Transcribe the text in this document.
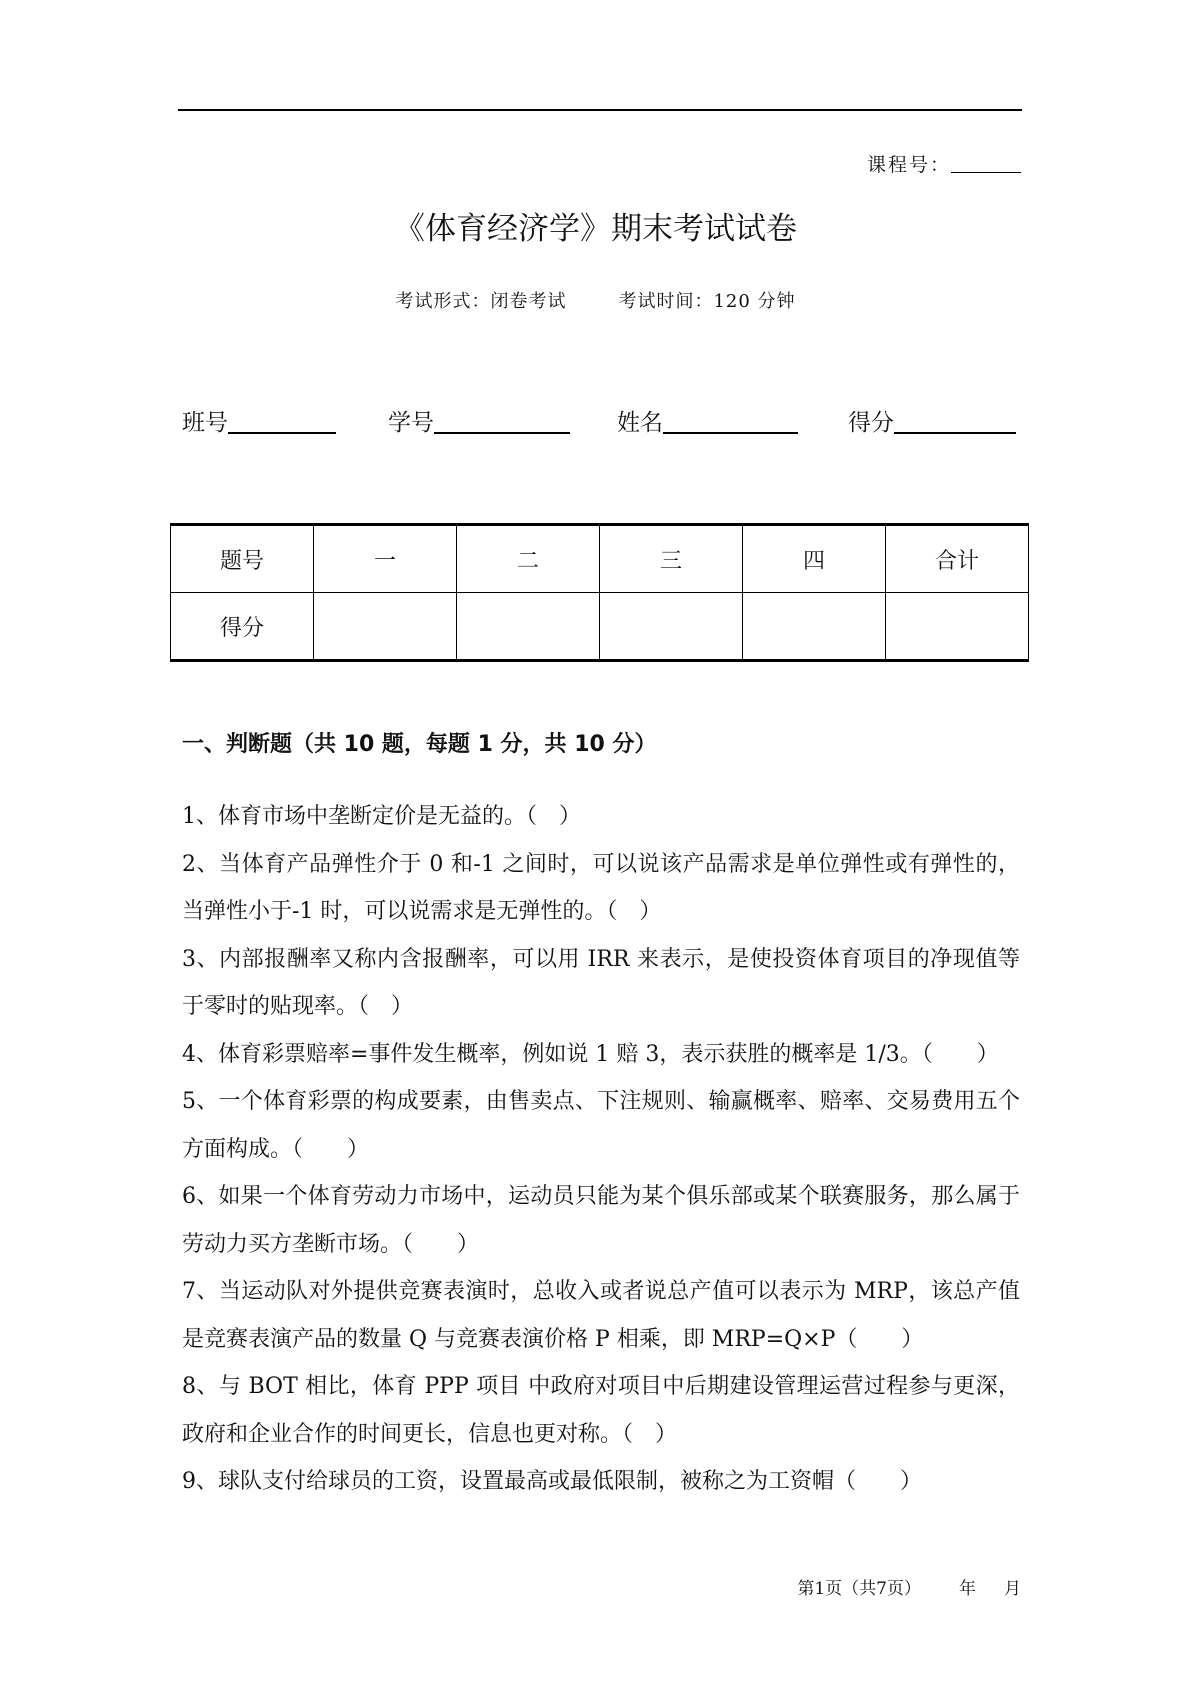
课程号：
《体育经济学》期末考试试卷
考试形式：闭卷考试	考试时间：120 分钟
班号	学号	姓名	得分
题号	一	二	三	四	合计
得分					
一、判断题（共 10 题，每题 1 分，共 10 分）
1、体育市场中垄断定价是无益的。（　）
2、当体育产品弹性介于 0 和-1 之间时，可以说该产品需求是单位弹性或有弹性的，当弹性小于-1 时，可以说需求是无弹性的。（　）
3、内部报酬率又称内含报酬率，可以用 IRR 来表示，是使投资体育项目的净现值等于零时的贴现率。（　）
4、体育彩票赔率=事件发生概率，例如说 1 赔 3，表示获胜的概率是 1/3。（　　）
5、一个体育彩票的构成要素，由售卖点、下注规则、输赢概率、赔率、交易费用五个方面构成。（　　）
6、如果一个体育劳动力市场中，运动员只能为某个俱乐部或某个联赛服务，那么属于劳动力买方垄断市场。（　　）
7、当运动队对外提供竞赛表演时，总收入或者说总产值可以表示为 MRP，该总产值是竞赛表演产品的数量 Q 与竞赛表演价格 P 相乘，即 MRP=Q×P（　　）
8、与 BOT 相比，体育 PPP 项目 中政府对项目中后期建设管理运营过程参与更深，政府和企业合作的时间更长，信息也更对称。（　）
9、球队支付给球员的工资，设置最高或最低限制，被称之为工资帽（　　）
第1页（共7页） 年 月
